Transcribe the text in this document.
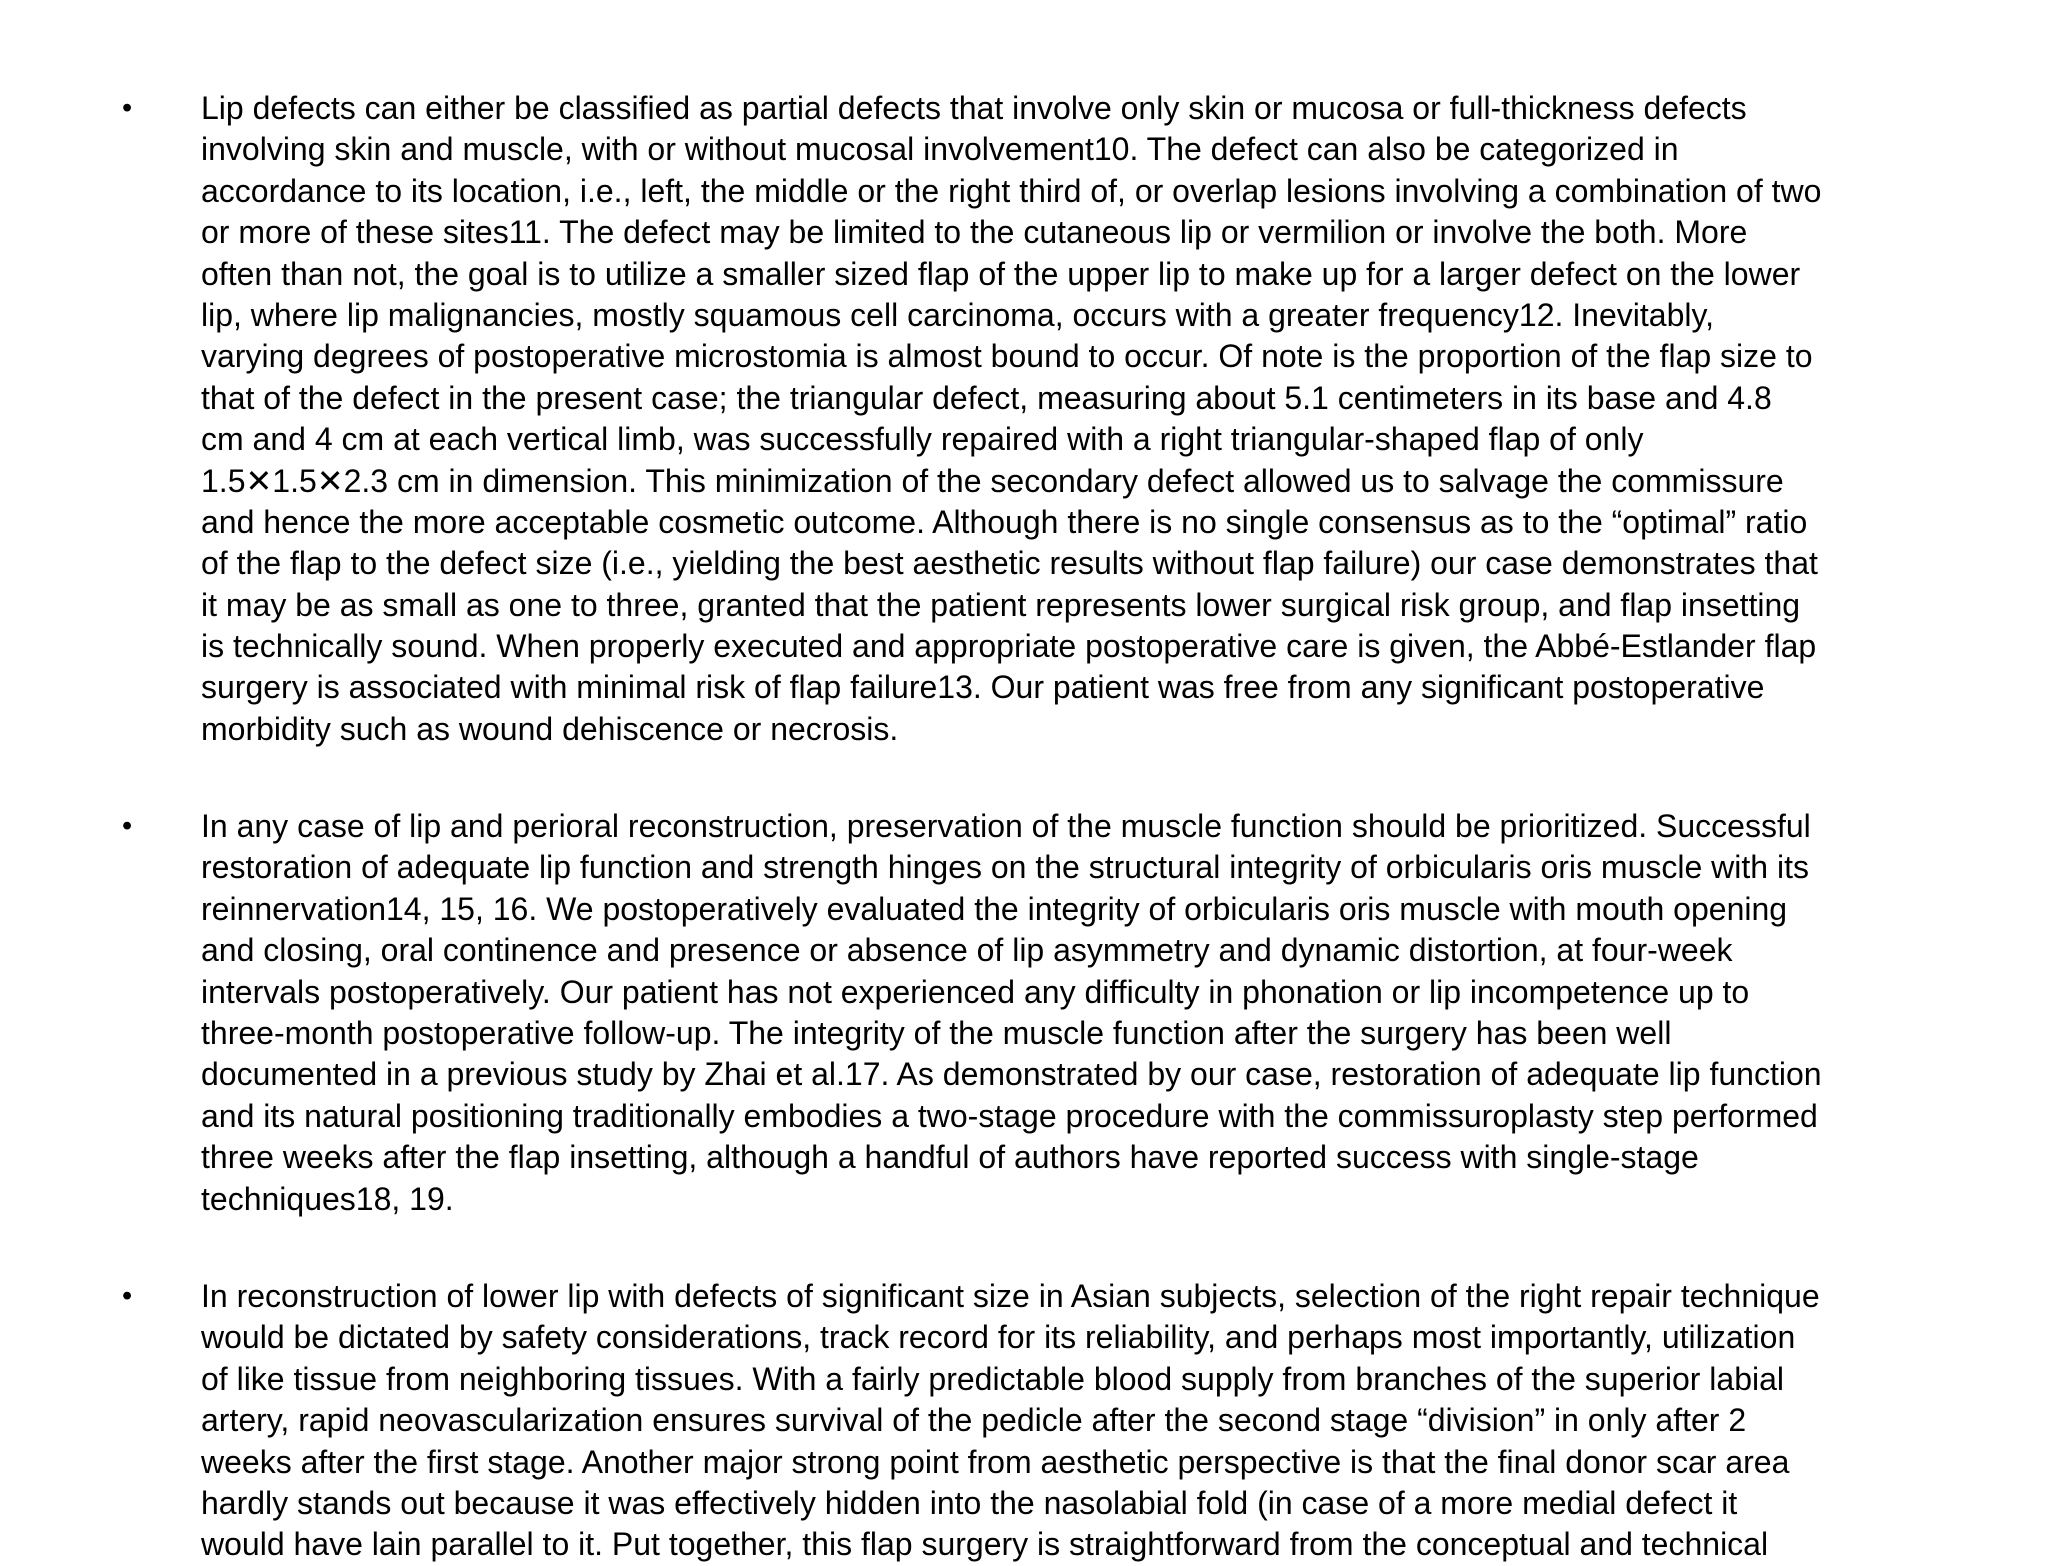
• Lip defects can either be classified as partial defects that involve only skin or mucosa or full-thickness defects
involving skin and muscle, with or without mucosal involvement10. The defect can also be categorized in
accordance to its location, i.e., left, the middle or the right third of, or overlap lesions involving a combination of two
or more of these sites11. The defect may be limited to the cutaneous lip or vermilion or involve the both. More
often than not, the goal is to utilize a smaller sized flap of the upper lip to make up for a larger defect on the lower
lip, where lip malignancies, mostly squamous cell carcinoma, occurs with a greater frequency12. Inevitably,
varying degrees of postoperative microstomia is almost bound to occur. Of note is the proportion of the flap size to
that of the defect in the present case; the triangular defect, measuring about 5.1 centimeters in its base and 4.8
cm and 4 cm at each vertical limb, was successfully repaired with a right triangular-shaped flap of only
1.5✕1.5✕2.3 cm in dimension. This minimization of the secondary defect allowed us to salvage the commissure
and hence the more acceptable cosmetic outcome. Although there is no single consensus as to the “optimal” ratio
of the flap to the defect size (i.e., yielding the best aesthetic results without flap failure) our case demonstrates that
it may be as small as one to three, granted that the patient represents lower surgical risk group, and flap insetting
is technically sound. When properly executed and appropriate postoperative care is given, the Abbé-Estlander flap
surgery is associated with minimal risk of flap failure13. Our patient was free from any significant postoperative
morbidity such as wound dehiscence or necrosis.
• In any case of lip and perioral reconstruction, preservation of the muscle function should be prioritized. Successful
restoration of adequate lip function and strength hinges on the structural integrity of orbicularis oris muscle with its
reinnervation14, 15, 16. We postoperatively evaluated the integrity of orbicularis oris muscle with mouth opening
and closing, oral continence and presence or absence of lip asymmetry and dynamic distortion, at four-week
intervals postoperatively. Our patient has not experienced any difficulty in phonation or lip incompetence up to
three-month postoperative follow-up. The integrity of the muscle function after the surgery has been well
documented in a previous study by Zhai et al.17. As demonstrated by our case, restoration of adequate lip function
and its natural positioning traditionally embodies a two-stage procedure with the commissuroplasty step performed
three weeks after the flap insetting, although a handful of authors have reported success with single-stage
techniques18, 19.
• In reconstruction of lower lip with defects of significant size in Asian subjects, selection of the right repair technique
would be dictated by safety considerations, track record for its reliability, and perhaps most importantly, utilization
of like tissue from neighboring tissues. With a fairly predictable blood supply from branches of the superior labial
artery, rapid neovascularization ensures survival of the pedicle after the second stage “division” in only after 2
weeks after the first stage. Another major strong point from aesthetic perspective is that the final donor scar area
hardly stands out because it was effectively hidden into the nasolabial fold (in case of a more medial defect it
would have lain parallel to it. Put together, this flap surgery is straightforward from the conceptual and technical
